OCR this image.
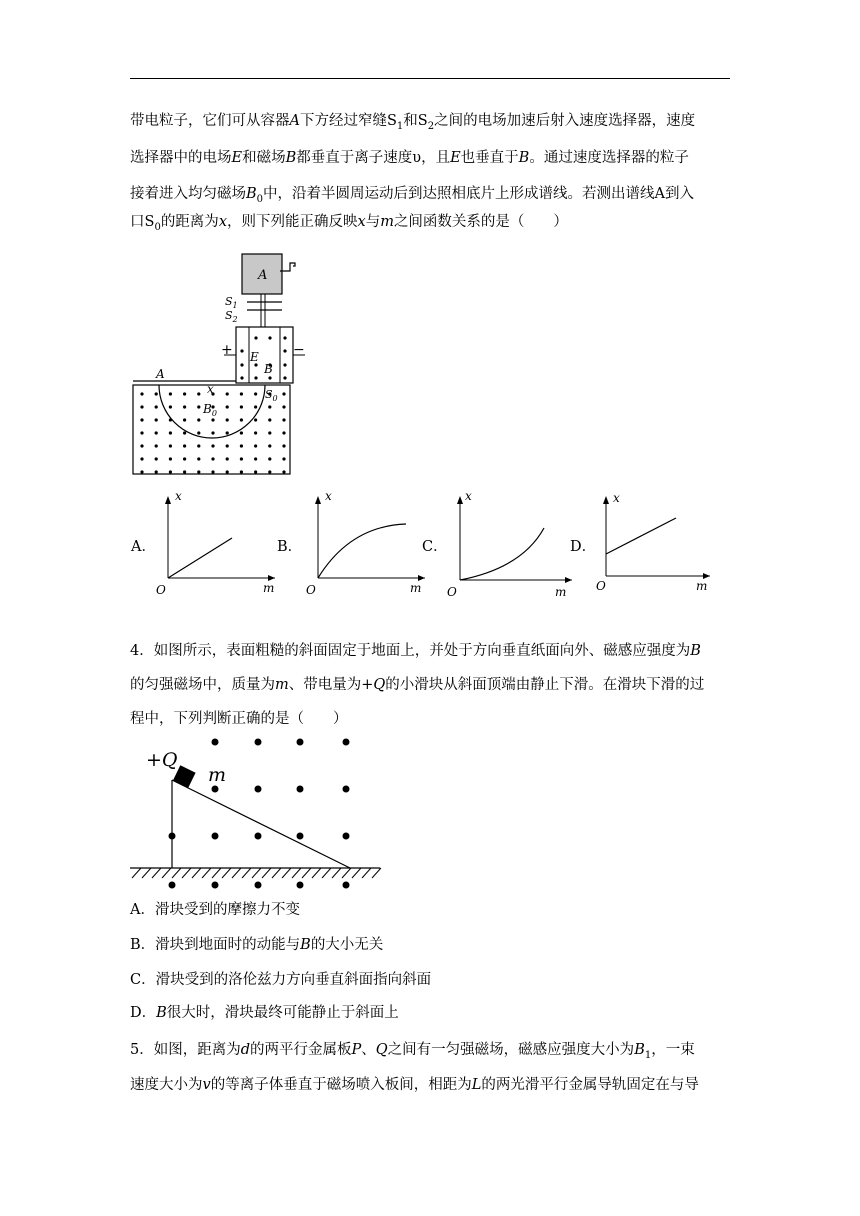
带电粒子，它们可从容器A下方经过窄缝$S_1$和$S_2$之间的电场加速后射入速度选择器，速度
选择器中的电场E和磁场B都垂直于离子速度υ，且E也垂直于B。通过速度选择器的粒子
接着进入均匀磁场$B_0$中，沿着半圆周运动后到达照相底片上形成谱线。若测出谱线A到入
口$S_0$的距离为x，则下列能正确反映x与m之间函数关系的是（　　）
A
$S_1$
$S_2$
+	−
E
B
A
x
$B_0$
$S_0$
A．
x
O	m
B．
x
O	m
C．
x
O	m
D．
x
O	m
4．如图所示，表面粗糙的斜面固定于地面上，并处于方向垂直纸面向外、磁感应强度为B
的匀强磁场中，质量为m、带电量为+Q的小滑块从斜面顶端由静止下滑。在滑块下滑的过
程中，下列判断正确的是（　　）
+Q
m
A．滑块受到的摩擦力不变
B．滑块到地面时的动能与B的大小无关
C．滑块受到的洛伦兹力方向垂直斜面指向斜面
D．B很大时，滑块最终可能静止于斜面上
5．如图，距离为d的两平行金属板P、Q之间有一匀强磁场，磁感应强度大小为$B_1$，一束
速度大小为v的等离子体垂直于磁场喷入板间，相距为L的两光滑平行金属导轨固定在与导
